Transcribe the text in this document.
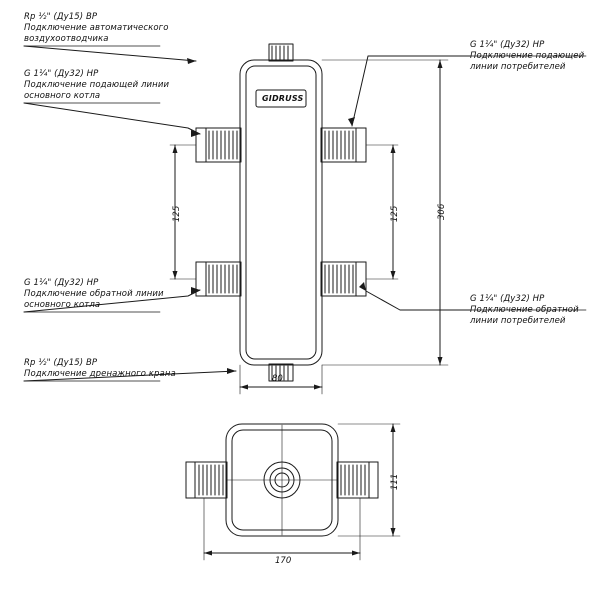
Rp ½" (Ду15) ВР
Подключение автоматического
воздухоотводчика
G 1¼" (Ду32) НР
Подключение подающей линии
основного котла
G 1¼" (Ду32) НР
Подключение обратной линии
основного котла
Rp ½" (Ду15) ВР
Подключение дренажного крана
G 1¼" (Ду32) НР
Подключение подающей
линии потребителей
G 1¼" (Ду32) НР
Подключение обратной
линии потребителей
GIDRUSS
125	125	306
80
170
111
